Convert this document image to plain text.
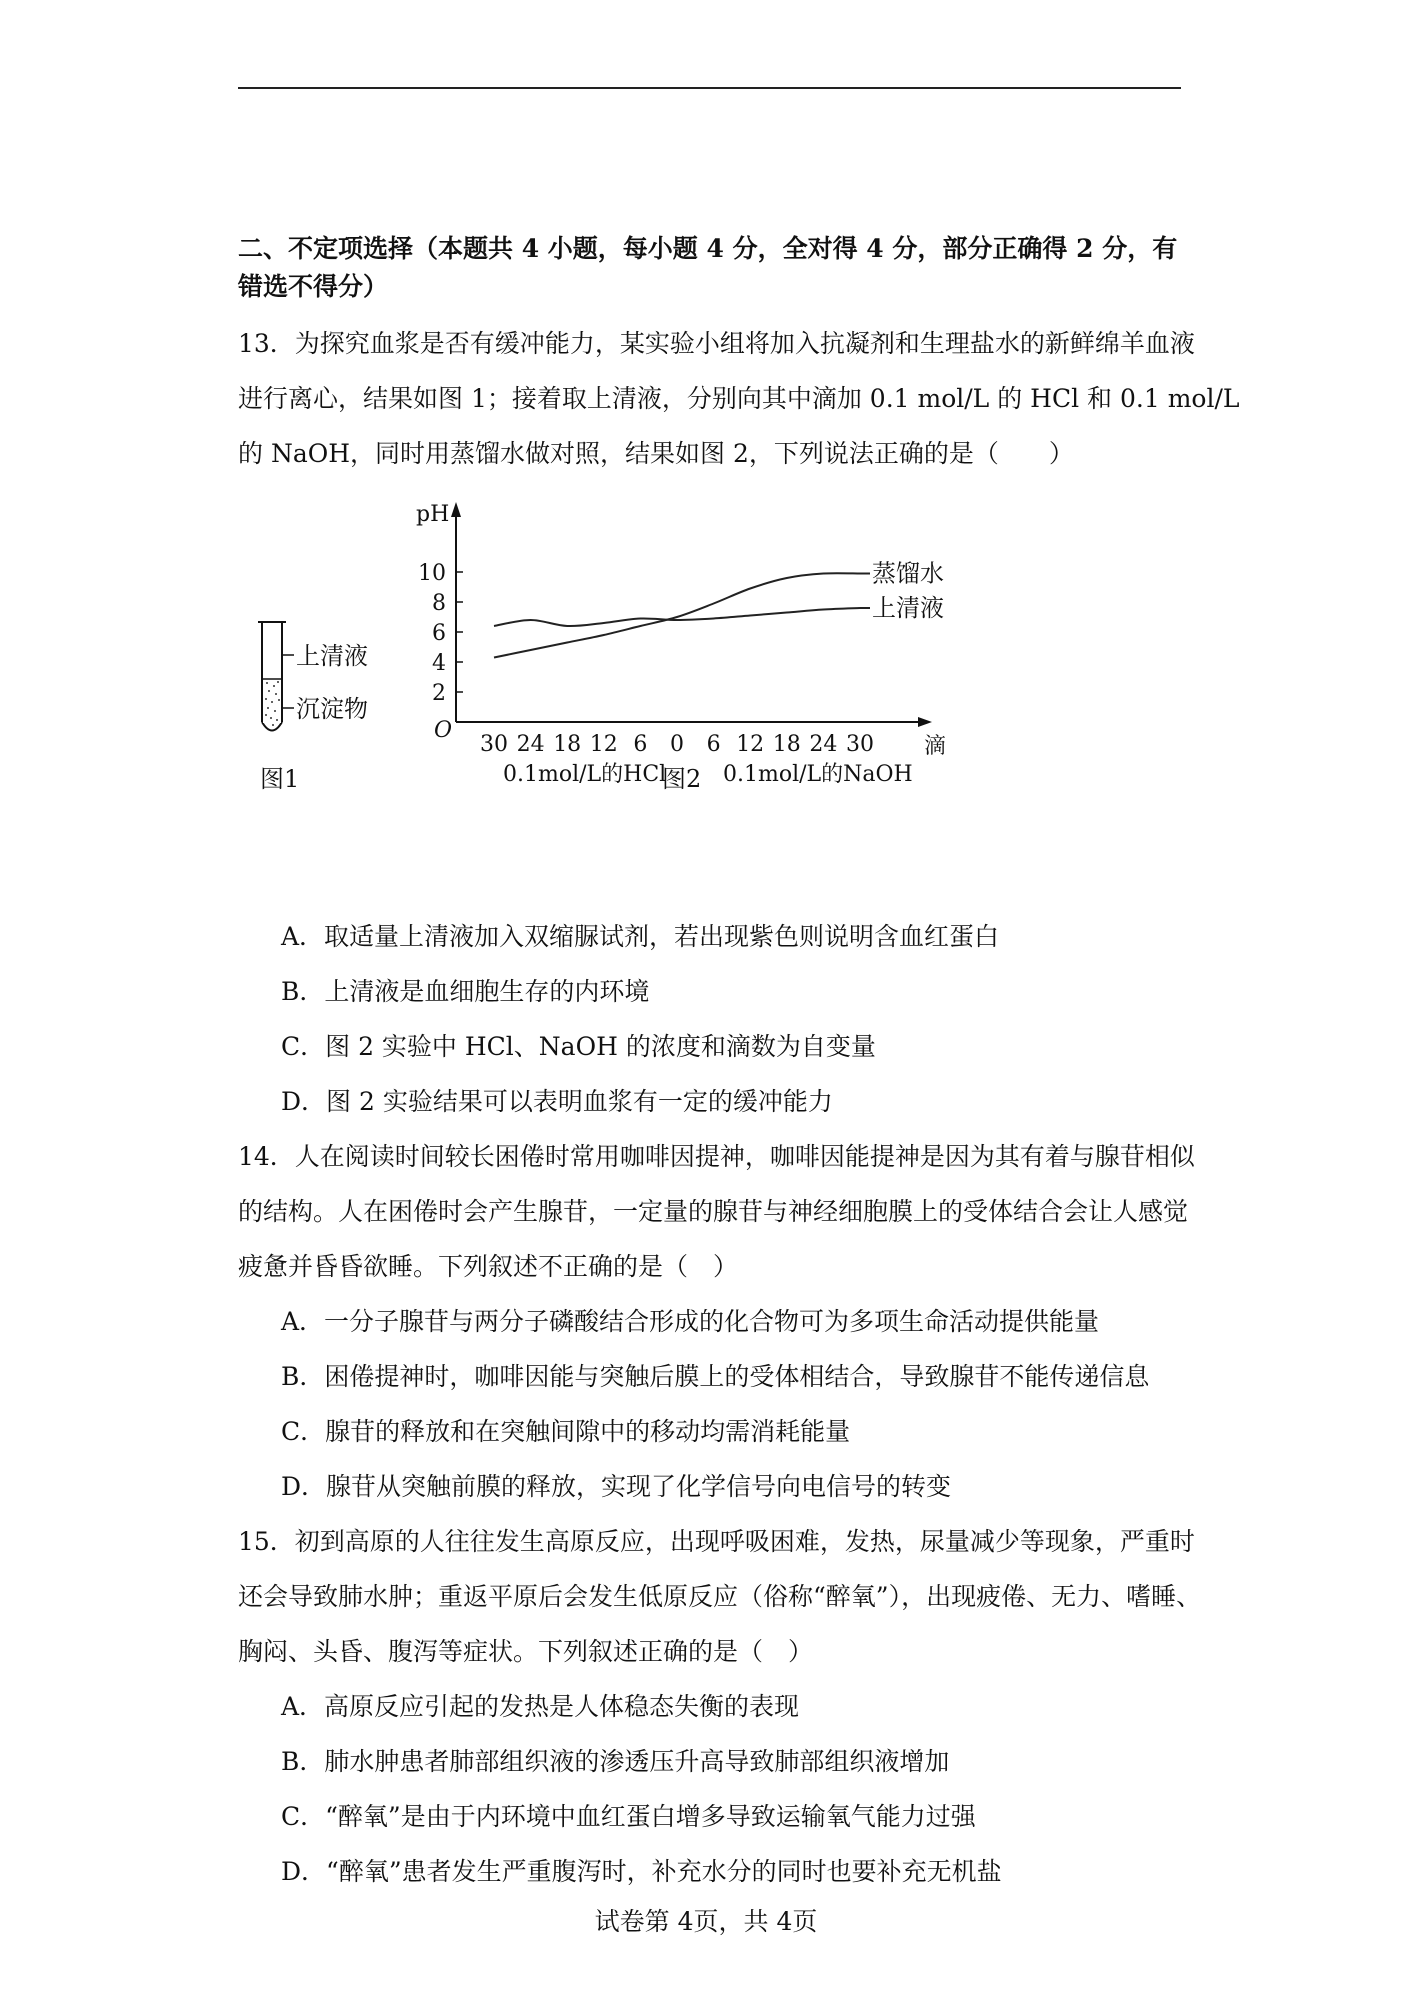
二、不定项选择（本题共 4 小题，每小题 4 分，全对得 4 分，部分正确得 2 分，有错选不得分）
13．为探究血浆是否有缓冲能力，某实验小组将加入抗凝剂和生理盐水的新鲜绵羊血液
进行离心，结果如图 1；接着取上清液，分别向其中滴加 0.1 mol/L 的 HCl 和 0.1 mol/L
的 NaOH，同时用蒸馏水做对照，结果如图 2，下列说法正确的是（　　）
上清液
沉淀物
图1
pH
O
2
4
6
8
10
30 24 18 12 6 0 6 12 18 24 30
蒸馏水
上清液
滴
0.1mol/L的HCl	0.1mol/L的NaOH
图2
A．取适量上清液加入双缩脲试剂，若出现紫色则说明含血红蛋白
B．上清液是血细胞生存的内环境
C．图 2 实验中 HCl、NaOH 的浓度和滴数为自变量
D．图 2 实验结果可以表明血浆有一定的缓冲能力
14．人在阅读时间较长困倦时常用咖啡因提神，咖啡因能提神是因为其有着与腺苷相似
的结构。人在困倦时会产生腺苷，一定量的腺苷与神经细胞膜上的受体结合会让人感觉
疲惫并昏昏欲睡。下列叙述不正确的是（　）
A．一分子腺苷与两分子磷酸结合形成的化合物可为多项生命活动提供能量
B．困倦提神时，咖啡因能与突触后膜上的受体相结合，导致腺苷不能传递信息
C．腺苷的释放和在突触间隙中的移动均需消耗能量
D．腺苷从突触前膜的释放，实现了化学信号向电信号的转变
15．初到高原的人往往发生高原反应，出现呼吸困难，发热，尿量减少等现象，严重时
还会导致肺水肿；重返平原后会发生低原反应（俗称“醉氧”），出现疲倦、无力、嗜睡、
胸闷、头昏、腹泻等症状。下列叙述正确的是（　）
A．高原反应引起的发热是人体稳态失衡的表现
B．肺水肿患者肺部组织液的渗透压升高导致肺部组织液增加
C．“醉氧”是由于内环境中血红蛋白增多导致运输氧气能力过强
D．“醉氧”患者发生严重腹泻时，补充水分的同时也要补充无机盐
试卷第 4页，共 4页
